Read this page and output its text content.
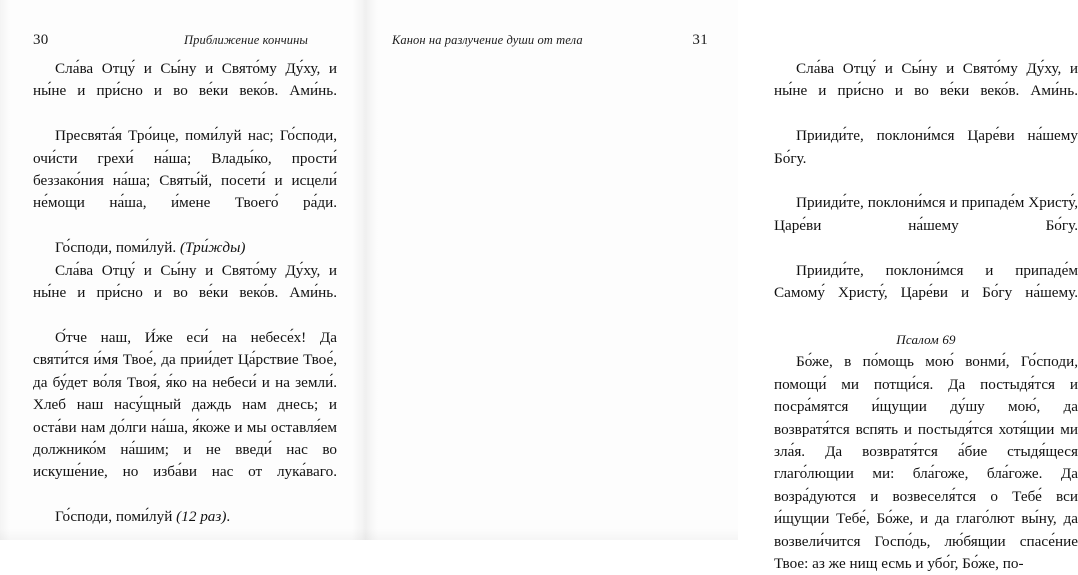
30	Приближение кончины

Сла́ва Отцу́ и Сы́ну и Свято́му Ду́ху, и ны́не и при́сно и во ве́ки веко́в. Ами́нь.

Пресвята́я Тро́ице, поми́луй нас; Го́споди, очи́сти грехи́ на́ша; Влады́ко, прости́ беззако́ния на́ша; Святы́й, посети́ и исцели́ не́мощи на́ша, и́мене Твоего́ ра́ди.

Го́споди, поми́луй. (Три́жды)

Сла́ва Отцу́ и Сы́ну и Свято́му Ду́ху, и ны́не и при́сно и во ве́ки веко́в. Ами́нь.

О́тче наш, И́же еси́ на небесе́х! Да святи́тся и́мя Твое́, да прии́дет Ца́рствие Твое́, да бу́дет во́ля Твоя́, я́ко на небеси́ и на земли́. Хлеб наш насу́щный даждь нам днесь; и оста́ви нам до́лги на́ша, я́коже и мы оставля́ем должнико́м на́шим; и не введи́ нас во искуше́ние, но изба́ви нас от лука́ваго.

Го́споди, поми́луй (12 раз).

Канон на разлучение души от тела	31

Сла́ва Отцу́ и Сы́ну и Свято́му Ду́ху, и ны́не и при́сно и во ве́ки веко́в. Ами́нь.

Прииди́те, поклони́мся Царе́ви на́шему Бо́гу.

Прииди́те, поклони́мся и припаде́м Христу́, Царе́ви на́шему Бо́гу.

Прииди́те, поклони́мся и припаде́м Самому́ Христу́, Царе́ви и Бо́гу на́шему.

Псалом 69

Бо́же, в по́мощь мою́ вонми́, Го́споди, помощи́ ми потщи́ся. Да постыдя́тся и посра́мятся и́щущии ду́шу мою́, да возвратя́тся вспять и постыдя́тся хотя́щии ми зла́я. Да возвратя́тся а́бие стыдя́щеся глаго́лющии ми: бла́гоже, бла́гоже. Да возра́дуются и возвеселя́тся о Тебе́ вси и́щущии Тебе́, Бо́же, и да глаго́лют вы́ну, да возвели́чится Госпо́дь, лю́бящии спасе́ние Твое: аз же нищ есмь и убо́г, Бо́же, по-
